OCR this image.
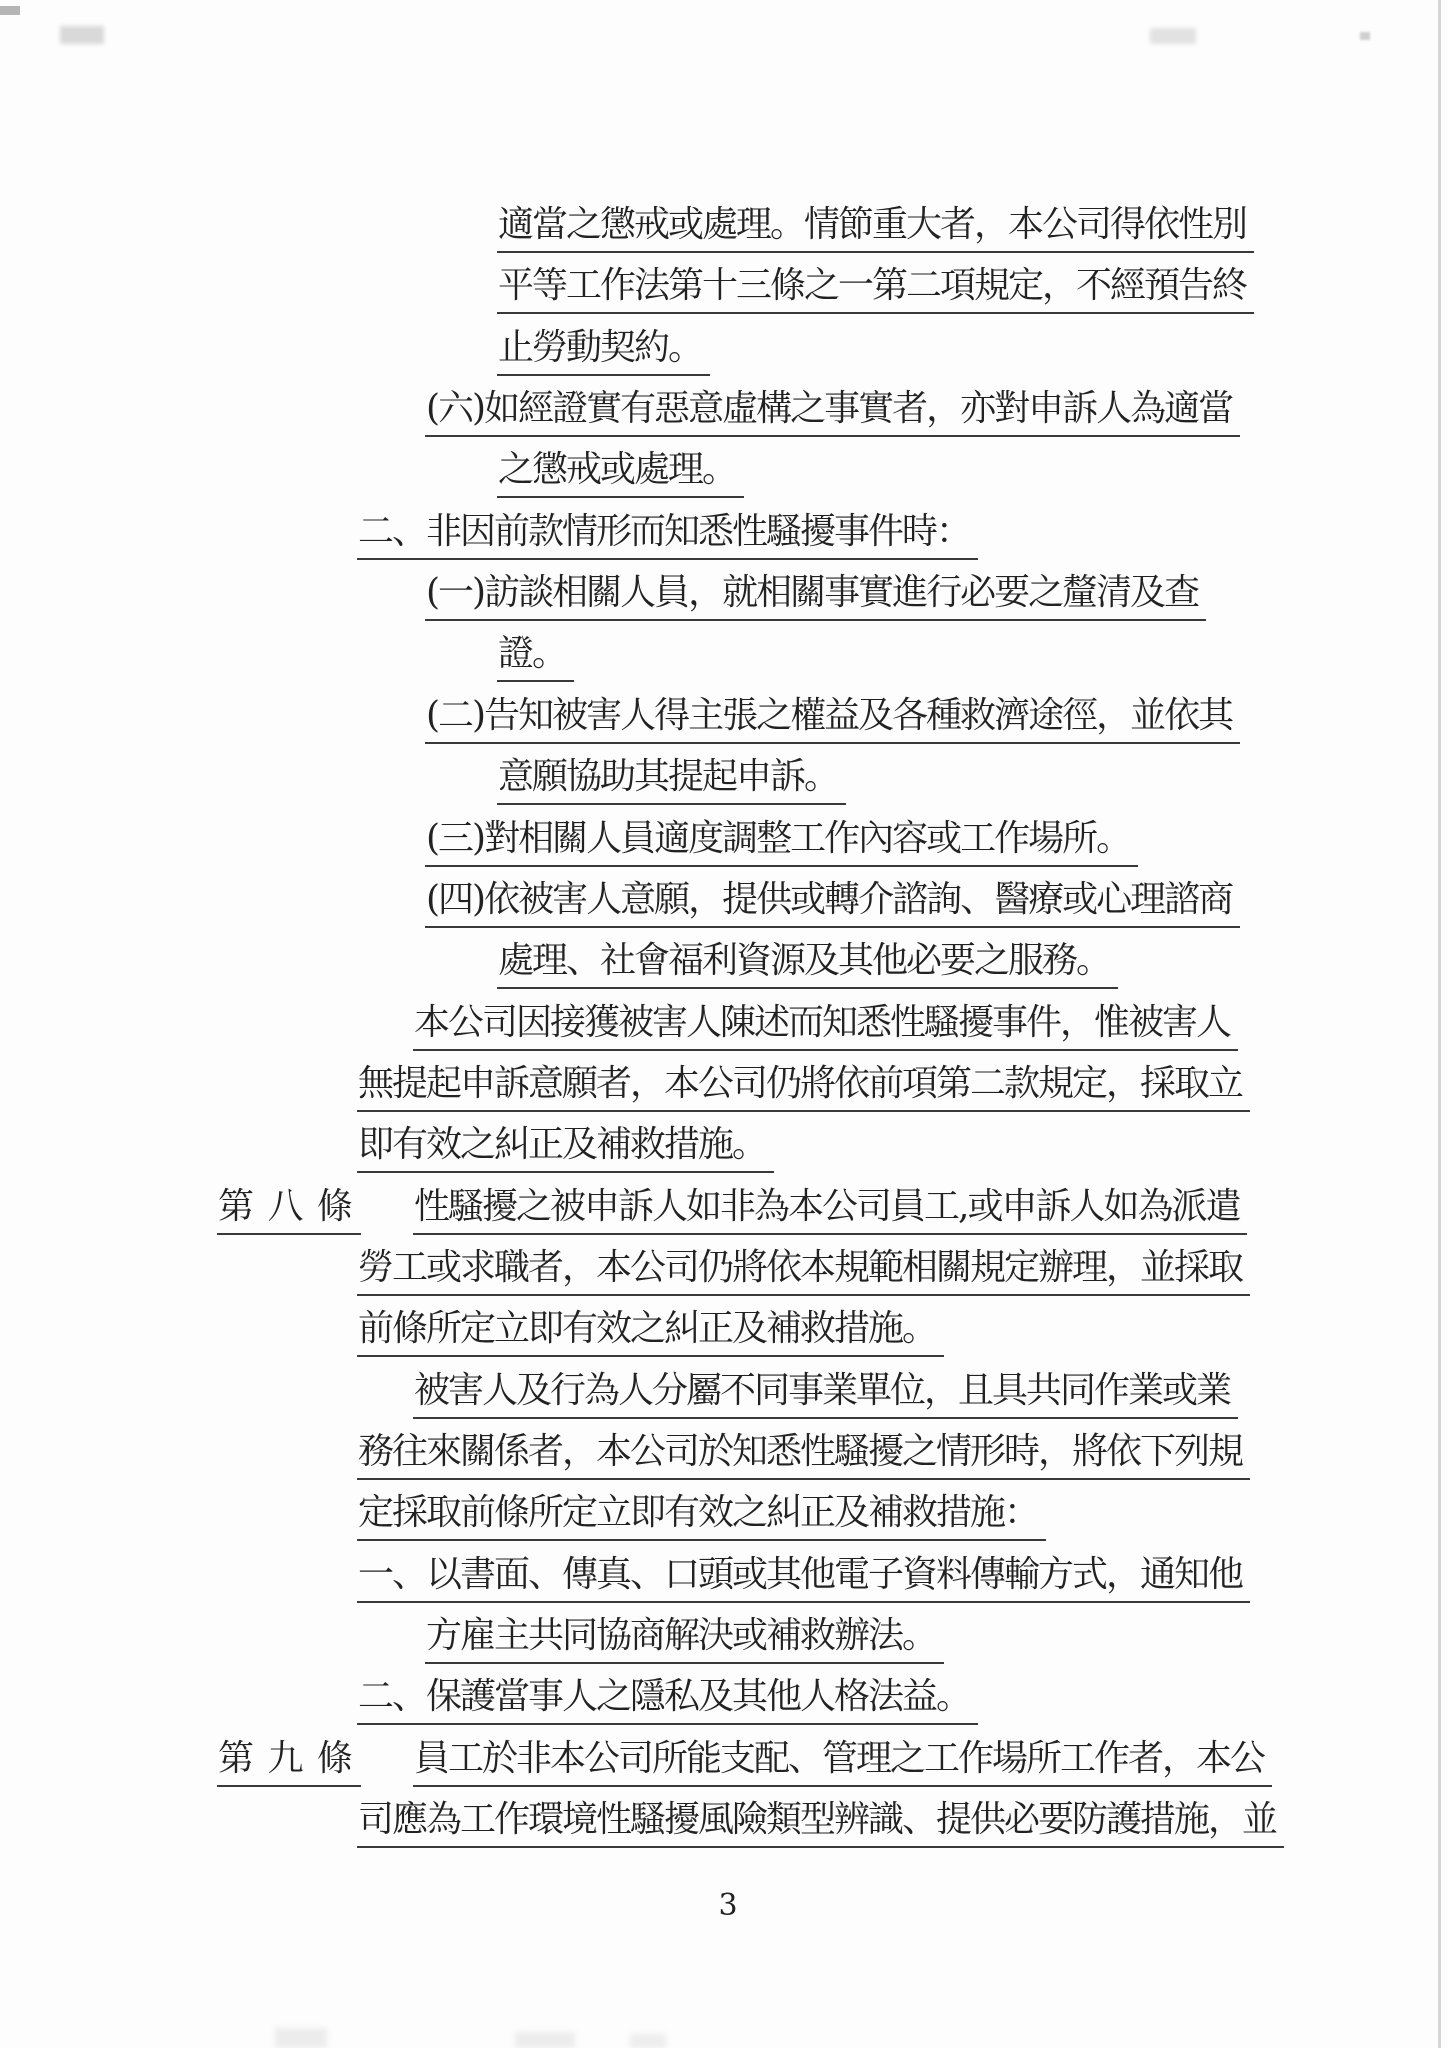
適當之懲戒或處理。情節重大者，本公司得依性別
平等工作法第十三條之一第二項規定，不經預告終
止勞動契約。
(六)如經證實有惡意虛構之事實者，亦對申訴人為適當
之懲戒或處理。
二、非因前款情形而知悉性騷擾事件時：
(一)訪談相關人員，就相關事實進行必要之釐清及查
證。
(二)告知被害人得主張之權益及各種救濟途徑，並依其
意願協助其提起申訴。
(三)對相關人員適度調整工作內容或工作場所。
(四)依被害人意願，提供或轉介諮詢、醫療或心理諮商
處理、社會福利資源及其他必要之服務。
本公司因接獲被害人陳述而知悉性騷擾事件，惟被害人
無提起申訴意願者，本公司仍將依前項第二款規定，採取立
即有效之糾正及補救措施。
第 八 條 性騷擾之被申訴人如非為本公司員工,或申訴人如為派遣
勞工或求職者，本公司仍將依本規範相關規定辦理，並採取
前條所定立即有效之糾正及補救措施。
被害人及行為人分屬不同事業單位，且具共同作業或業
務往來關係者，本公司於知悉性騷擾之情形時，將依下列規
定採取前條所定立即有效之糾正及補救措施：
一、以書面、傳真、口頭或其他電子資料傳輸方式，通知他
方雇主共同協商解決或補救辦法。
二、保護當事人之隱私及其他人格法益。
第 九 條 員工於非本公司所能支配、管理之工作場所工作者，本公
司應為工作環境性騷擾風險類型辨識、提供必要防護措施，並
3
